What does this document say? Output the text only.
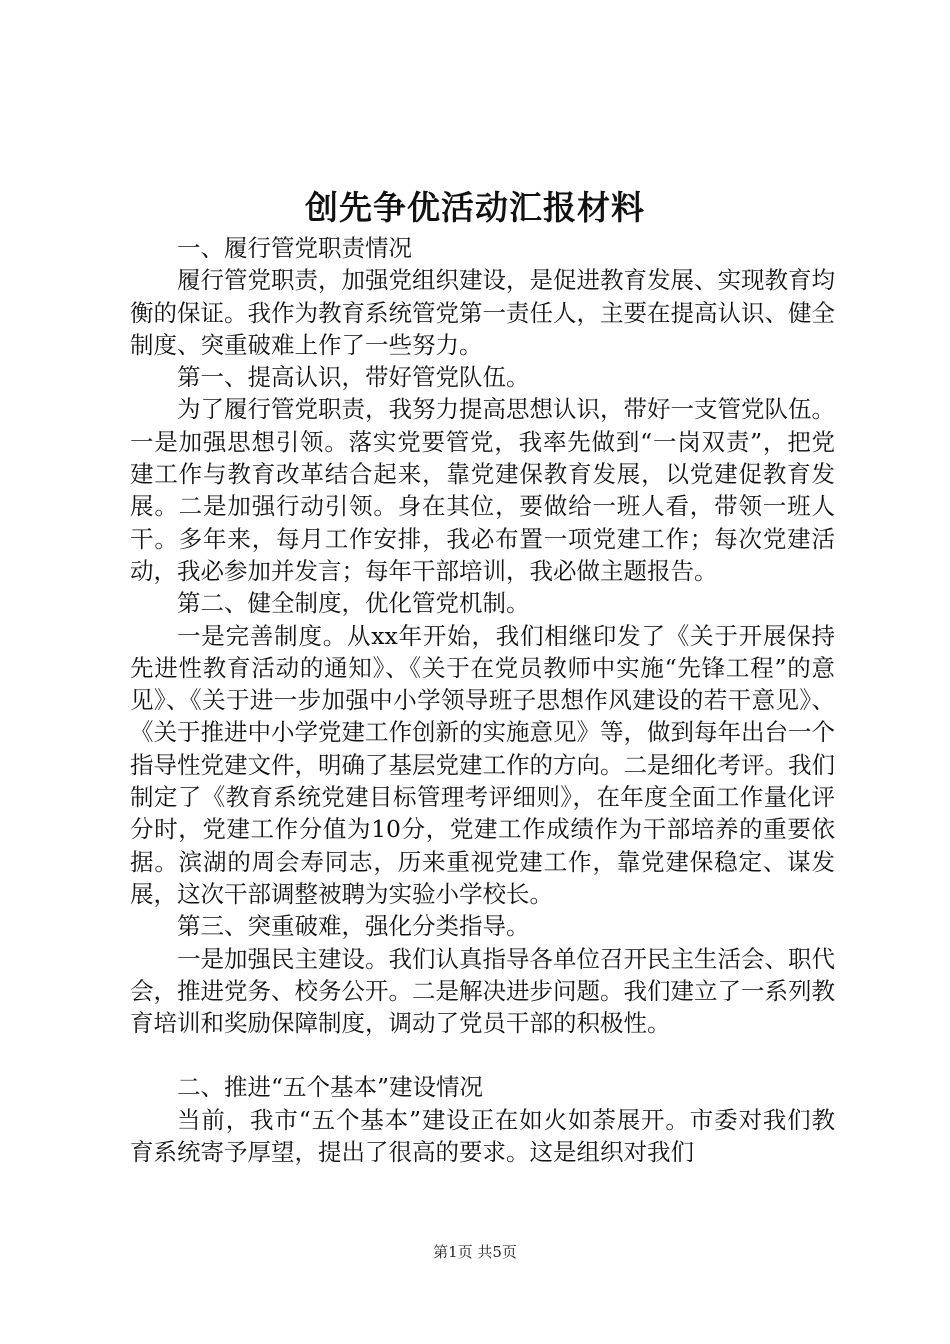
创先争优活动汇报材料

一、履行管党职责情况

履行管党职责，加强党组织建设，是促进教育发展、实现教育均衡的保证。我作为教育系统管党第一责任人，主要在提高认识、健全制度、突重破难上作了一些努力。

第一、提高认识，带好管党队伍。

为了履行管党职责，我努力提高思想认识，带好一支管党队伍。一是加强思想引领。落实党要管党，我率先做到“一岗双责”，把党建工作与教育改革结合起来，靠党建保教育发展，以党建促教育发展。二是加强行动引领。身在其位，要做给一班人看，带领一班人干。多年来，每月工作安排，我必布置一项党建工作；每次党建活动，我必参加并发言；每年干部培训，我必做主题报告。

第二、健全制度，优化管党机制。

一是完善制度。从xx年开始，我们相继印发了《关于开展保持先进性教育活动的通知》、《关于在党员教师中实施“先锋工程”的意见》、《关于进一步加强中小学领导班子思想作风建设的若干意见》、《关于推进中小学党建工作创新的实施意见》等，做到每年出台一个指导性党建文件，明确了基层党建工作的方向。二是细化考评。我们制定了《教育系统党建目标管理考评细则》，在年度全面工作量化评分时，党建工作分值为10分，党建工作成绩作为干部培养的重要依据。滨湖的周会寿同志，历来重视党建工作，靠党建保稳定、谋发展，这次干部调整被聘为实验小学校长。

第三、突重破难，强化分类指导。

一是加强民主建设。我们认真指导各单位召开民主生活会、职代会，推进党务、校务公开。二是解决进步问题。我们建立了一系列教育培训和奖励保障制度，调动了党员干部的积极性。

二、推进“五个基本”建设情况

当前，我市“五个基本”建设正在如火如荼展开。市委对我们教育系统寄予厚望，提出了很高的要求。这是组织对我们

第1页 共5页
